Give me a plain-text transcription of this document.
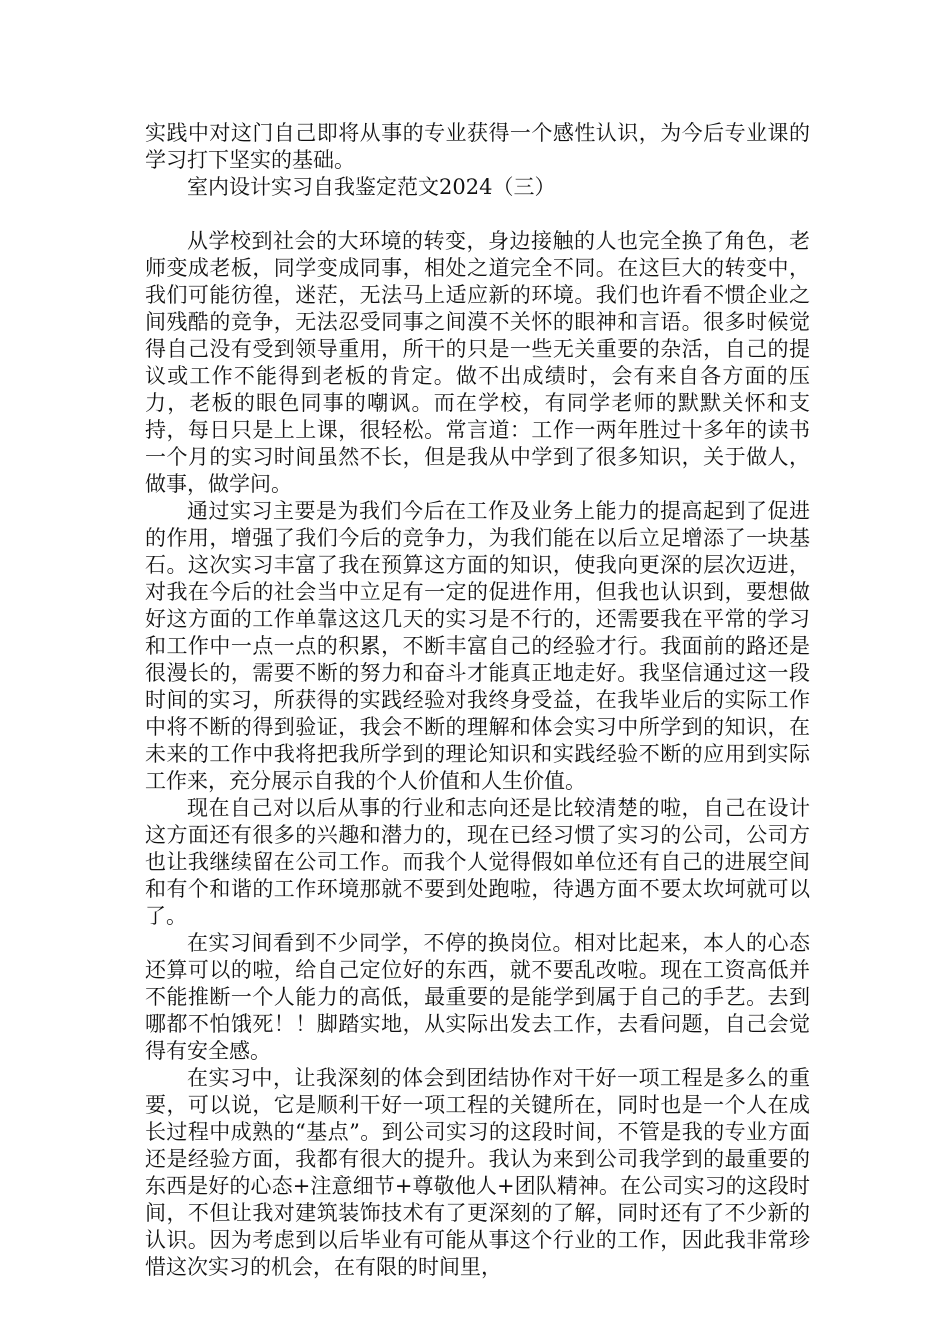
实践中对这门自己即将从事的专业获得一个感性认识，为今后专业课的学习打下坚实的基础。

室内设计实习自我鉴定范文2024（三）

从学校到社会的大环境的转变，身边接触的人也完全换了角色，老师变成老板，同学变成同事，相处之道完全不同。在这巨大的转变中，我们可能彷徨，迷茫，无法马上适应新的环境。我们也许看不惯企业之间残酷的竞争，无法忍受同事之间漠不关怀的眼神和言语。很多时候觉得自己没有受到领导重用，所干的只是一些无关重要的杂活，自己的提议或工作不能得到老板的肯定。做不出成绩时，会有来自各方面的压力，老板的眼色同事的嘲讽。而在学校，有同学老师的默默关怀和支持，每日只是上上课，很轻松。常言道：工作一两年胜过十多年的读书一个月的实习时间虽然不长，但是我从中学到了很多知识，关于做人，做事，做学问。

通过实习主要是为我们今后在工作及业务上能力的提高起到了促进的作用，增强了我们今后的竞争力，为我们能在以后立足增添了一块基石。这次实习丰富了我在预算这方面的知识，使我向更深的层次迈进，对我在今后的社会当中立足有一定的促进作用，但我也认识到，要想做好这方面的工作单靠这这几天的实习是不行的，还需要我在平常的学习和工作中一点一点的积累，不断丰富自己的经验才行。我面前的路还是很漫长的，需要不断的努力和奋斗才能真正地走好。我坚信通过这一段时间的实习，所获得的实践经验对我终身受益，在我毕业后的实际工作中将不断的得到验证，我会不断的理解和体会实习中所学到的知识，在未来的工作中我将把我所学到的理论知识和实践经验不断的应用到实际工作来，充分展示自我的个人价值和人生价值。

现在自己对以后从事的行业和志向还是比较清楚的啦，自己在设计这方面还有很多的兴趣和潜力的，现在已经习惯了实习的公司，公司方也让我继续留在公司工作。而我个人觉得假如单位还有自己的进展空间和有个和谐的工作环境那就不要到处跑啦，待遇方面不要太坎坷就可以了。

在实习间看到不少同学，不停的换岗位。相对比起来，本人的心态还算可以的啦，给自己定位好的东西，就不要乱改啦。现在工资高低并不能推断一个人能力的高低，最重要的是能学到属于自己的手艺。去到哪都不怕饿死！！脚踏实地，从实际出发去工作，去看问题，自己会觉得有安全感。

在实习中，让我深刻的体会到团结协作对干好一项工程是多么的重要，可以说，它是顺利干好一项工程的关键所在，同时也是一个人在成长过程中成熟的“基点”。到公司实习的这段时间，不管是我的专业方面还是经验方面，我都有很大的提升。我认为来到公司我学到的最重要的东西是好的心态+注意细节+尊敬他人+团队精神。在公司实习的这段时间，不但让我对建筑装饰技术有了更深刻的了解，同时还有了不少新的认识。因为考虑到以后毕业有可能从事这个行业的工作，因此我非常珍惜这次实习的机会，在有限的时间里，
